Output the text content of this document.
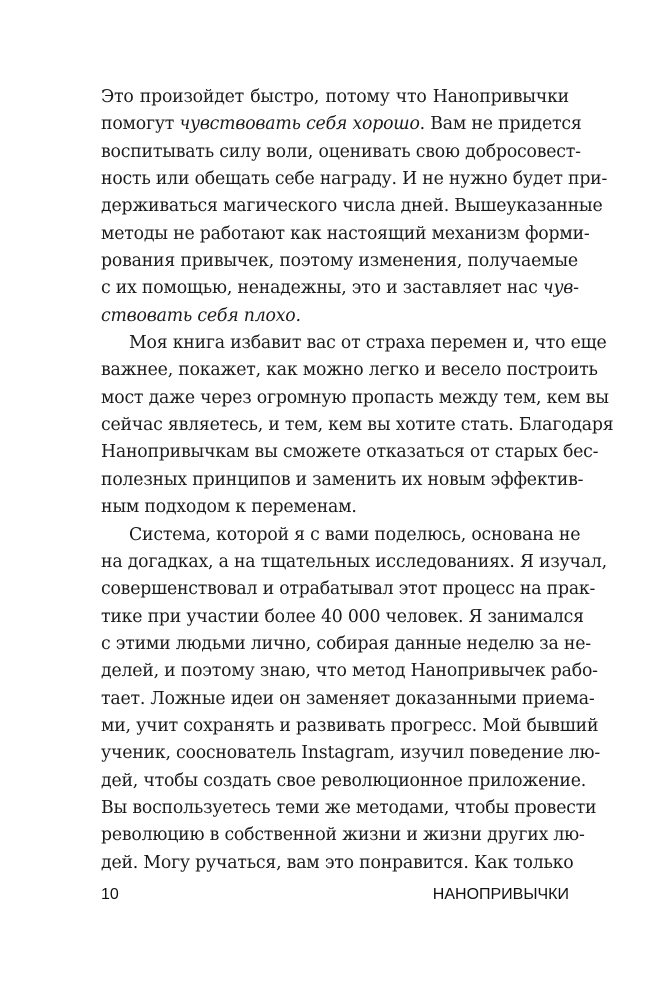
Это произойдет быстро, потому что Нанопривычки
помогут чувствовать себя хорошо. Вам не придется
воспитывать силу воли, оценивать свою добросовест-
ность или обещать себе награду. И не нужно будет при-
держиваться магического числа дней. Вышеуказанные
методы не работают как настоящий механизм форми-
рования привычек, поэтому изменения, получаемые
с их помощью, ненадежны, это и заставляет нас чув-
ствовать себя плохо.
Моя книга избавит вас от страха перемен и, что еще
важнее, покажет, как можно легко и весело построить
мост даже через огромную пропасть между тем, кем вы
сейчас являетесь, и тем, кем вы хотите стать. Благодаря
Нанопривычкам вы сможете отказаться от старых бес-
полезных принципов и заменить их новым эффектив-
ным подходом к переменам.
Система, которой я с вами поделюсь, основана не
на догадках, а на тщательных исследованиях. Я изучал,
совершенствовал и отрабатывал этот процесс на прак-
тике при участии более 40 000 человек. Я занимался
с этими людьми лично, собирая данные неделю за не-
делей, и поэтому знаю, что метод Нанопривычек рабо-
тает. Ложные идеи он заменяет доказанными приема-
ми, учит сохранять и развивать прогресс. Мой бывший
ученик, сооснователь Instagram, изучил поведение лю-
дей, чтобы создать свое революционное приложение.
Вы воспользуетесь теми же методами, чтобы провести
революцию в собственной жизни и жизни других лю-
дей. Могу ручаться, вам это понравится. Как только
10	НАНОПРИВЫЧКИ
